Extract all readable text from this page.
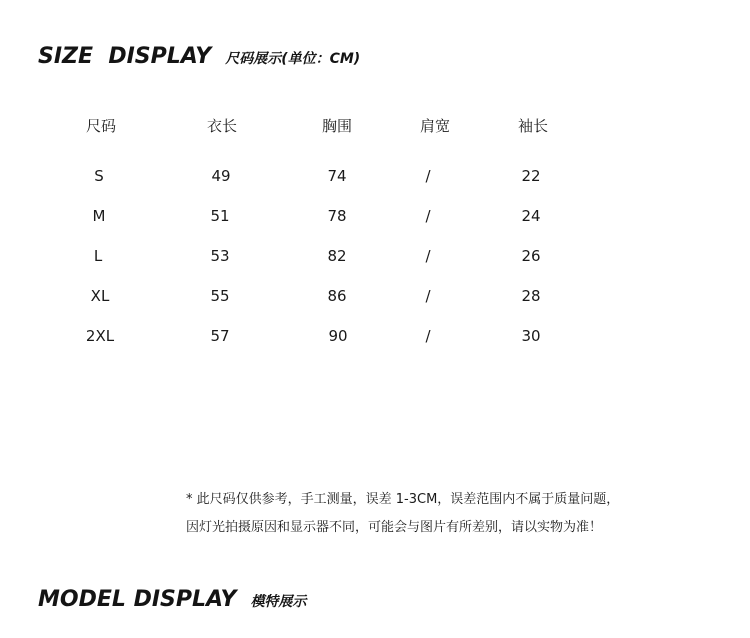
SIZE  DISPLAY 尺码展示(单位：CM)
尺码	衣长	胸围	肩宽	袖长
S	49	74	/	22
M	51	78	/	24
L	53	82	/	26
XL	55	86	/	28
2XL	57	90	/	30
* 此尺码仅供参考，手工测量，误差 1-3CM，误差范围内不属于质量问题，
因灯光拍摄原因和显示器不同，可能会与图片有所差别，请以实物为准！
MODEL DISPLAY 模特展示
